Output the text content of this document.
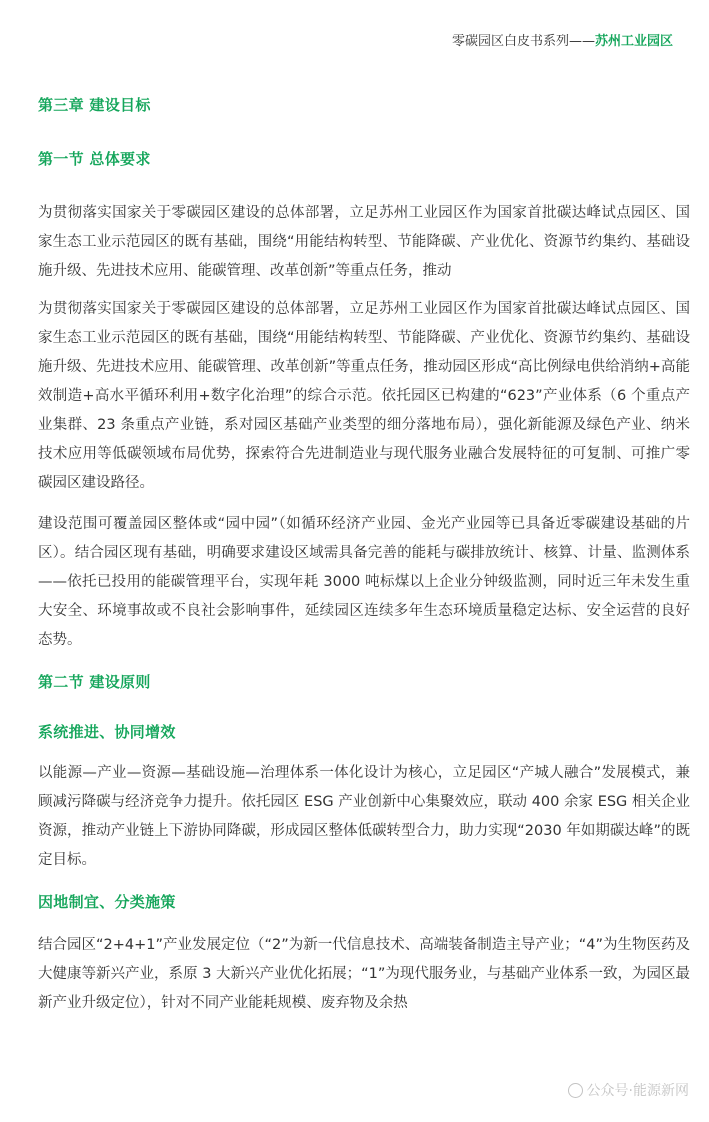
零碳园区白皮书系列——苏州工业园区
第三章 建设目标
第一节 总体要求

为贯彻落实国家关于零碳园区建设的总体部署，立足苏州工业园区作为国家首批碳达峰试点园区、国家生态工业示范园区的既有基础，围绕“用能结构转型、节能降碳、产业优化、资源节约集约、基础设施升级、先进技术应用、能碳管理、改革创新”等重点任务，推动

为贯彻落实国家关于零碳园区建设的总体部署，立足苏州工业园区作为国家首批碳达峰试点园区、国家生态工业示范园区的既有基础，围绕“用能结构转型、节能降碳、产业优化、资源节约集约、基础设施升级、先进技术应用、能碳管理、改革创新”等重点任务，推动园区形成“高比例绿电供给消纳+高能效制造+高水平循环利用+数字化治理”的综合示范。依托园区已构建的“623”产业体系（6 个重点产业集群、23 条重点产业链，系对园区基础产业类型的细分落地布局），强化新能源及绿色产业、纳米技术应用等低碳领域布局优势，探索符合先进制造业与现代服务业融合发展特征的可复制、可推广零碳园区建设路径。

建设范围可覆盖园区整体或“园中园”（如循环经济产业园、金光产业园等已具备近零碳建设基础的片区）。结合园区现有基础，明确要求建设区域需具备完善的能耗与碳排放统计、核算、计量、监测体系——依托已投用的能碳管理平台，实现年耗 3000 吨标煤以上企业分钟级监测，同时近三年未发生重大安全、环境事故或不良社会影响事件，延续园区连续多年生态环境质量稳定达标、安全运营的良好态势。

第二节 建设原则
系统推进、协同增效

以能源—产业—资源—基础设施—治理体系一体化设计为核心，立足园区“产城人融合”发展模式，兼顾减污降碳与经济竞争力提升。依托园区 ESG 产业创新中心集聚效应，联动 400 余家 ESG 相关企业资源，推动产业链上下游协同降碳，形成园区整体低碳转型合力，助力实现“2030 年如期碳达峰”的既定目标。

因地制宜、分类施策

结合园区“2+4+1”产业发展定位（“2”为新一代信息技术、高端装备制造主导产业；“4”为生物医药及大健康等新兴产业，系原 3 大新兴产业优化拓展；“1”为现代服务业，与基础产业体系一致，为园区最新产业升级定位），针对不同产业能耗规模、废弃物及余热

公众号·能源新网
